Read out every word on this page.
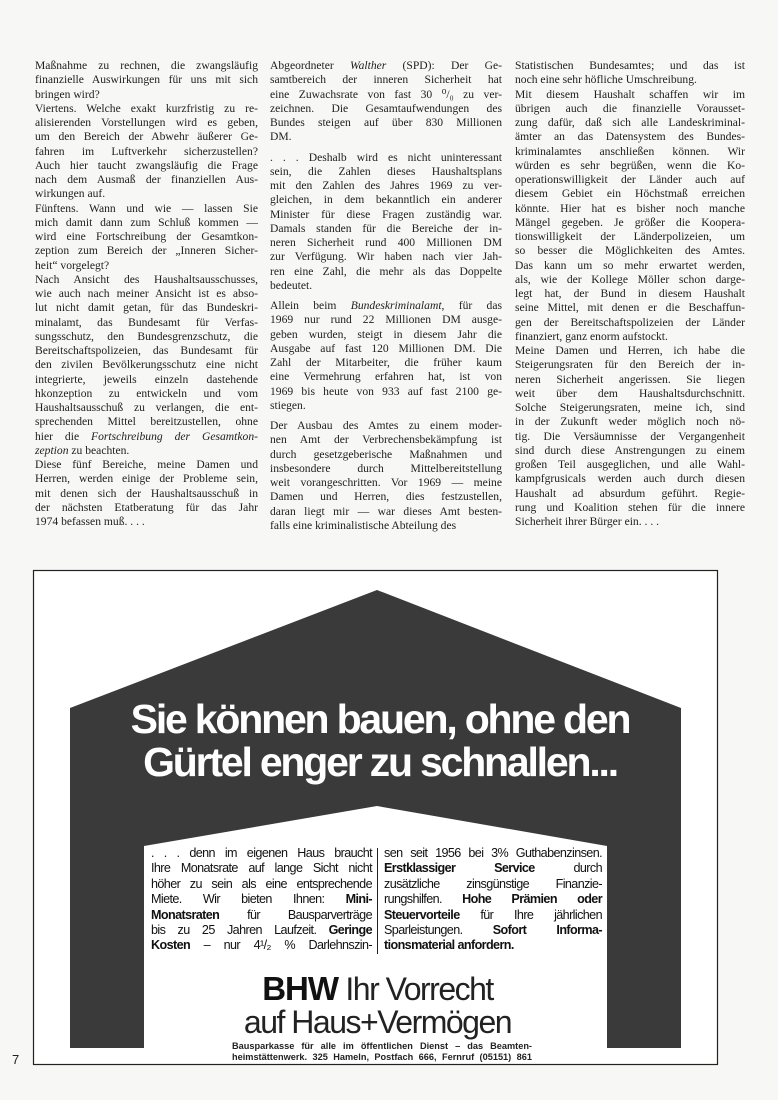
Maßnahme zu rechnen, die zwangsläufig
finanzielle Auswirkungen für uns mit sich
bringen wird?
Viertens. Welche exakt kurzfristig zu re-
alisierenden Vorstellungen wird es geben,
um den Bereich der Abwehr äußerer Ge-
fahren im Luftverkehr sicherzustellen?
Auch hier taucht zwangsläufig die Frage
nach dem Ausmaß der finanziellen Aus-
wirkungen auf.
Fünftens. Wann und wie — lassen Sie
mich damit dann zum Schluß kommen —
wird eine Fortschreibung der Gesamtkon-
zeption zum Bereich der „Inneren Sicher-
heit“ vorgelegt?
Nach Ansicht des Haushaltsausschusses,
wie auch nach meiner Ansicht ist es abso-
lut nicht damit getan, für das Bundeskri-
minalamt, das Bundesamt für Verfas-
sungsschutz, den Bundesgrenzschutz, die
Bereitschaftspolizeien, das Bundesamt für
den zivilen Bevölkerungsschutz eine nicht
integrierte, jeweils einzeln dastehende
hkonzeption zu entwickeln und vom
Haushaltsausschuß zu verlangen, die ent-
sprechenden Mittel bereitzustellen, ohne
hier die Fortschreibung der Gesamtkon-
zeption zu beachten.
Diese fünf Bereiche, meine Damen und
Herren, werden einige der Probleme sein,
mit denen sich der Haushaltsausschuß in
der nächsten Etatberatung für das Jahr
1974 befassen muß. . . .
Abgeordneter Walther (SPD): Der Ge-
samtbereich der inneren Sicherheit hat
eine Zuwachsrate von fast 30 ⁰/₀ zu ver-
zeichnen. Die Gesamtaufwendungen des
Bundes steigen auf über 830 Millionen
DM.
. . . Deshalb wird es nicht uninteressant
sein, die Zahlen dieses Haushaltsplans
mit den Zahlen des Jahres 1969 zu ver-
gleichen, in dem bekanntlich ein anderer
Minister für diese Fragen zuständig war.
Damals standen für die Bereiche der in-
neren Sicherheit rund 400 Millionen DM
zur Verfügung. Wir haben nach vier Jah-
ren eine Zahl, die mehr als das Doppelte
bedeutet.
Allein beim Bundeskriminalamt, für das
1969 nur rund 22 Millionen DM ausge-
geben wurden, steigt in diesem Jahr die
Ausgabe auf fast 120 Millionen DM. Die
Zahl der Mitarbeiter, die früher kaum
eine Vermehrung erfahren hat, ist von
1969 bis heute von 933 auf fast 2100 ge-
stiegen.
Der Ausbau des Amtes zu einem moder-
nen Amt der Verbrechensbekämpfung ist
durch gesetzgeberische Maßnahmen und
insbesondere durch Mittelbereitstellung
weit vorangeschritten. Vor 1969 — meine
Damen und Herren, dies festzustellen,
daran liegt mir — war dieses Amt besten-
falls eine kriminalistische Abteilung des
Statistischen Bundesamtes; und das ist
noch eine sehr höfliche Umschreibung.
Mit diesem Haushalt schaffen wir im
übrigen auch die finanzielle Vorausset-
zung dafür, daß sich alle Landeskriminal-
ämter an das Datensystem des Bundes-
kriminalamtes anschließen können. Wir
würden es sehr begrüßen, wenn die Ko-
operationswilligkeit der Länder auch auf
diesem Gebiet ein Höchstmaß erreichen
könnte. Hier hat es bisher noch manche
Mängel gegeben. Je größer die Koopera-
tionswilligkeit der Länderpolizeien, um
so besser die Möglichkeiten des Amtes.
Das kann um so mehr erwartet werden,
als, wie der Kollege Möller schon darge-
legt hat, der Bund in diesem Haushalt
seine Mittel, mit denen er die Beschaffun-
gen der Bereitschaftspolizeien der Länder
finanziert, ganz enorm aufstockt.
Meine Damen und Herren, ich habe die
Steigerungsraten für den Bereich der in-
neren Sicherheit angerissen. Sie liegen
weit über dem Haushaltsdurchschnitt.
Solche Steigerungsraten, meine ich, sind
in der Zukunft weder möglich noch nö-
tig. Die Versäumnisse der Vergangenheit
sind durch diese Anstrengungen zu einem
großen Teil ausgeglichen, und alle Wahl-
kampfgrusicals werden auch durch diesen
Haushalt ad absurdum geführt. Regie-
rung und Koalition stehen für die innere
Sicherheit ihrer Bürger ein. . . .
Sie können bauen, ohne den
Gürtel enger zu schnallen...
. . . denn im eigenen Haus braucht
Ihre Monatsrate auf lange Sicht nicht
höher zu sein als eine entsprechende
Miete. Wir bieten Ihnen: Mini-
Monatsraten für Bausparverträge
bis zu 25 Jahren Laufzeit. Geringe
Kosten – nur 4¹/₂ % Darlehnszin-
sen seit 1956 bei 3% Guthabenzinsen.
Erstklassiger Service durch
zusätzliche zinsgünstige Finanzie-
rungshilfen. Hohe Prämien oder
Steuervorteile für Ihre jährlichen
Sparleistungen. Sofort Informa-
tionsmaterial anfordern.
BHW Ihr Vorrecht
auf Haus+Vermögen
Bausparkasse für alle im öffentlichen Dienst – das Beamten-
heimstättenwerk. 325 Hameln, Postfach 666, Fernruf (05151) 861
7
